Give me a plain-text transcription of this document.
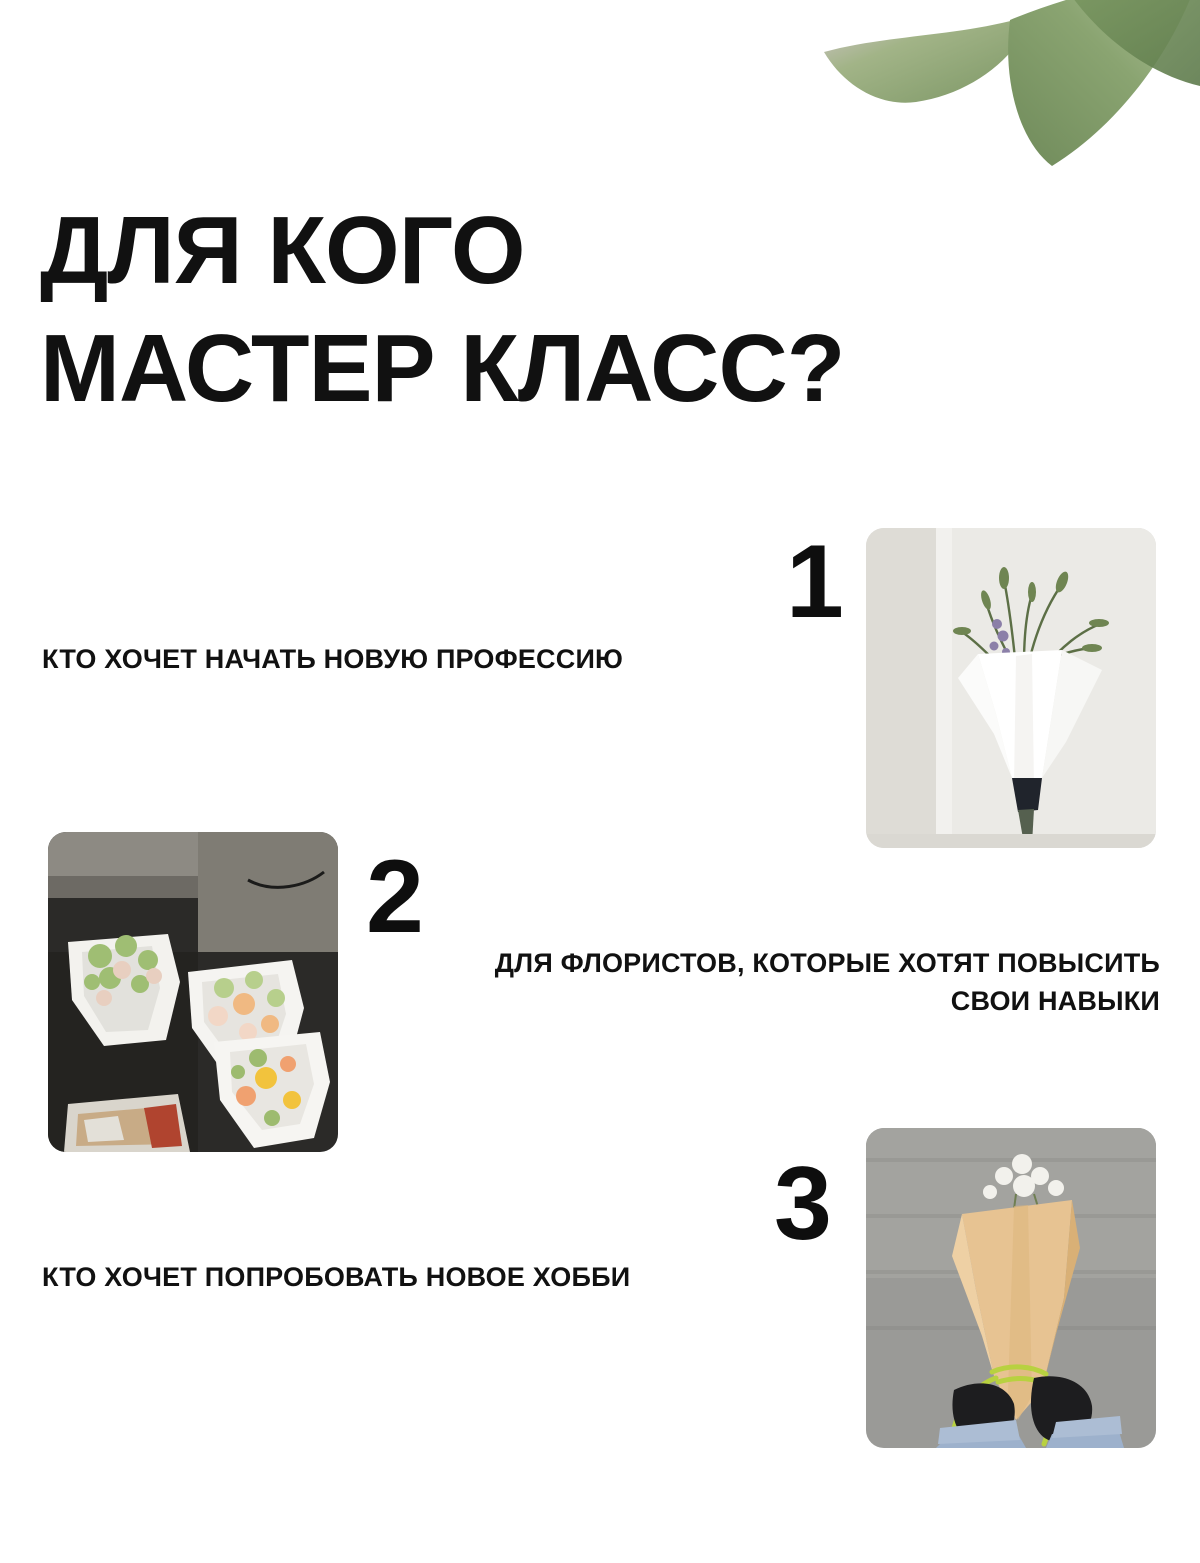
ДЛЯ КОГО
МАСТЕР КЛАСС?
1

КТО ХОЧЕТ НАЧАТЬ НОВУЮ ПРОФЕССИЮ

2

ДЛЯ ФЛОРИСТОВ, КОТОРЫЕ ХОТЯТ ПОВЫСИТЬ СВОИ НАВЫКИ

3

КТО ХОЧЕТ ПОПРОБОВАТЬ НОВОЕ ХОББИ
